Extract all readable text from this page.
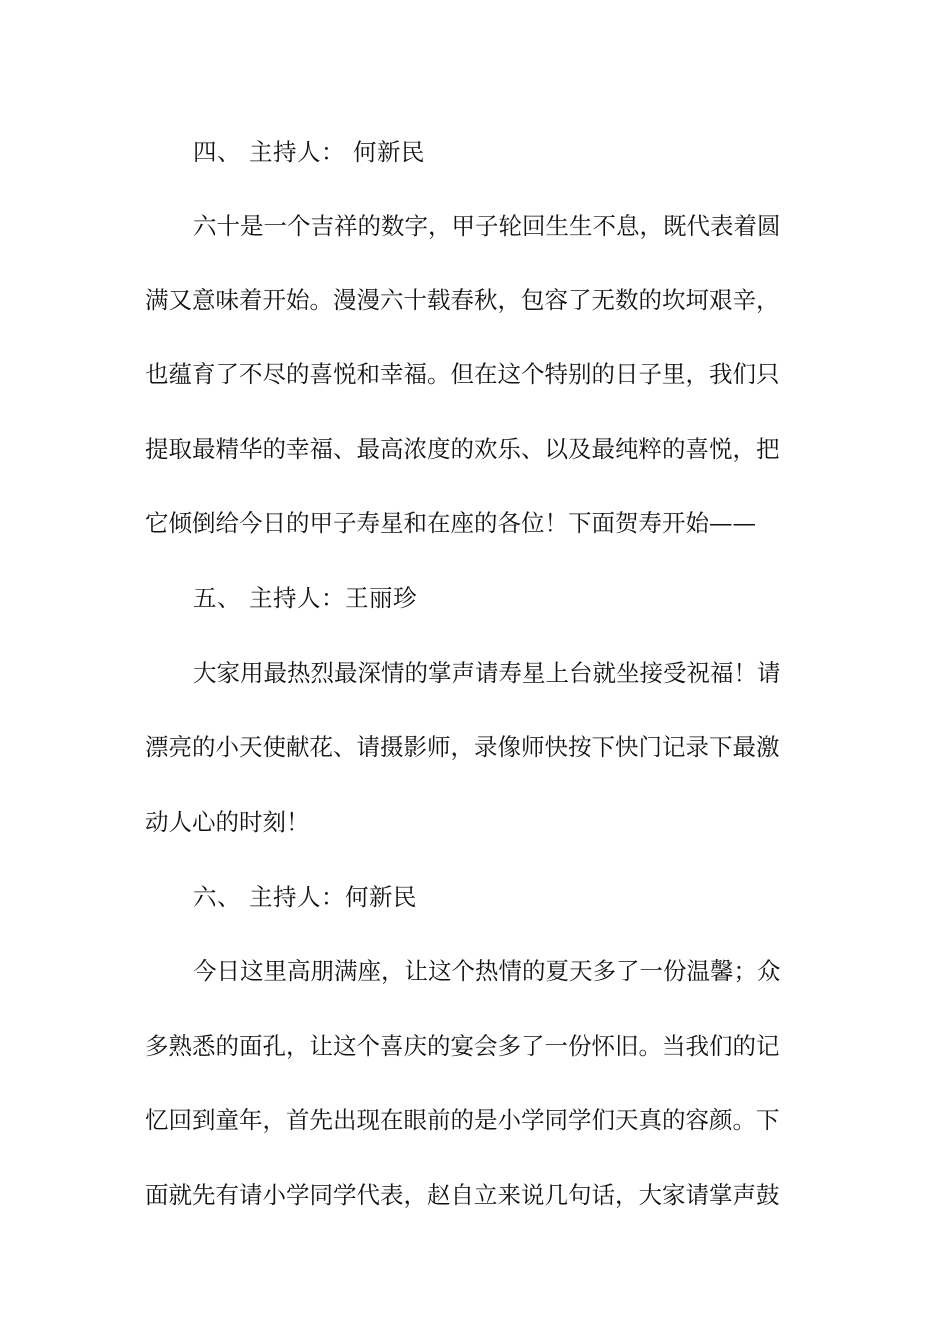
四、 主持人： 何新民
六十是一个吉祥的数字，甲子轮回生生不息，既代表着圆
满又意味着开始。漫漫六十载春秋，包容了无数的坎坷艰辛，
也蕴育了不尽的喜悦和幸福。但在这个特别的日子里，我们只
提取最精华的幸福、最高浓度的欢乐、以及最纯粹的喜悦，把
它倾倒给今日的甲子寿星和在座的各位！下面贺寿开始——
五、 主持人：王丽珍
大家用最热烈最深情的掌声请寿星上台就坐接受祝福！请
漂亮的小天使献花、请摄影师，录像师快按下快门记录下最激
动人心的时刻！
六、 主持人：何新民
今日这里高朋满座，让这个热情的夏天多了一份温馨；众
多熟悉的面孔，让这个喜庆的宴会多了一份怀旧。当我们的记
忆回到童年，首先出现在眼前的是小学同学们天真的容颜。下
面就先有请小学同学代表，赵自立来说几句话，大家请掌声鼓
